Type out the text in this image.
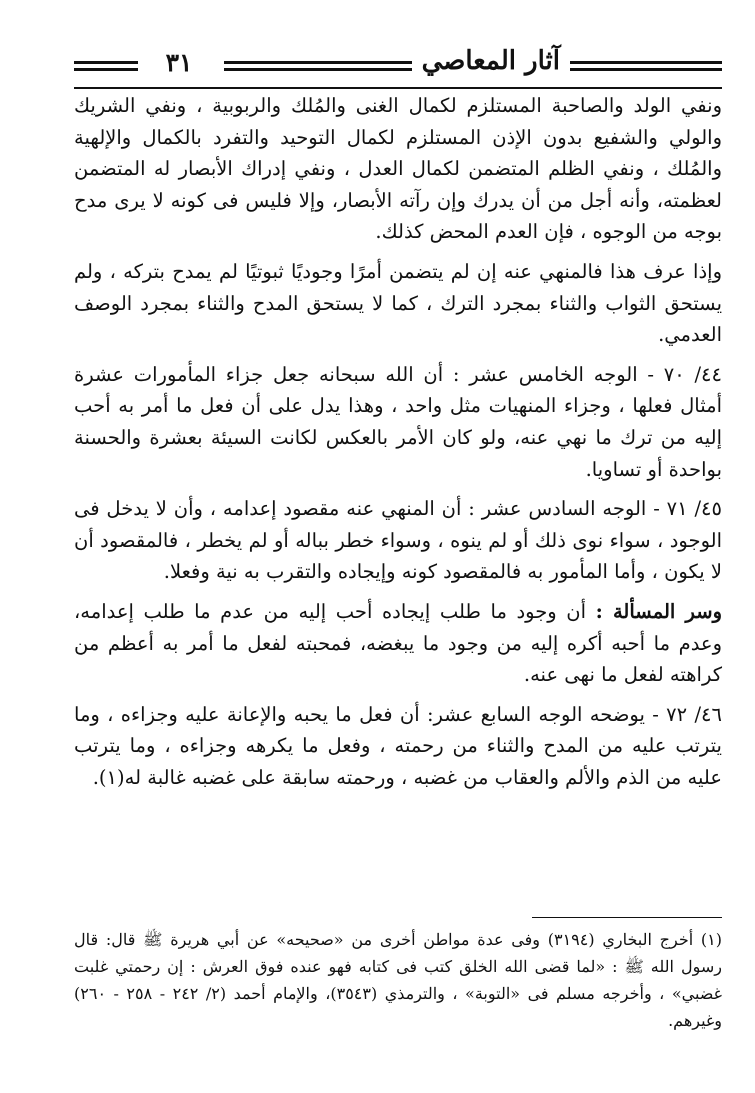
٣١	آثار المعاصي

ونفي الولد والصاحبة المستلزم لكمال الغنى والمُلك والربوبية ، ونفي الشريك والولي والشفيع بدون الإذن المستلزم لكمال التوحيد والتفرد بالكمال والإلهية والمُلك ، ونفي الظلم المتضمن لكمال العدل ، ونفي إدراك الأبصار له المتضمن لعظمته، وأنه أجل من أن يدرك وإن رآته الأبصار، وإلا فليس فى كونه لا يرى مدح بوجه من الوجوه ، فإن العدم المحض كذلك.

وإذا عرف هذا فالمنهي عنه إن لم يتضمن أمرًا وجوديًا ثبوتيًا لم يمدح بتركه ، ولم يستحق الثواب والثناء بمجرد الترك ، كما لا يستحق المدح والثناء بمجرد الوصف العدمي.

٤٤/ ٧٠ - الوجه الخامس عشر : أن الله سبحانه جعل جزاء المأمورات عشرة أمثال فعلها ، وجزاء المنهيات مثل واحد ، وهذا يدل على أن فعل ما أمر به أحب إليه من ترك ما نهي عنه، ولو كان الأمر بالعكس لكانت السيئة بعشرة والحسنة بواحدة أو تساويا.

٤٥/ ٧١ - الوجه السادس عشر : أن المنهي عنه مقصود إعدامه ، وأن لا يدخل فى الوجود ، سواء نوى ذلك أو لم ينوه ، وسواء خطر بباله أو لم يخطر ، فالمقصود أن لا يكون ، وأما المأمور به فالمقصود كونه وإيجاده والتقرب به نية وفعلا.

وسر المسألة : أن وجود ما طلب إيجاده أحب إليه من عدم ما طلب إعدامه، وعدم ما أحبه أكره إليه من وجود ما يبغضه، فمحبته لفعل ما أمر به أعظم من كراهته لفعل ما نهى عنه.

٤٦/ ٧٢ - يوضحه الوجه السابع عشر: أن فعل ما يحبه والإعانة عليه وجزاءه ، وما يترتب عليه من المدح والثناء من رحمته ، وفعل ما يكرهه وجزاءه ، وما يترتب عليه من الذم والألم والعقاب من غضبه ، ورحمته سابقة على غضبه غالبة له(١).

(١) أخرج البخاري (٣١٩٤) وفى عدة مواطن أخرى من «صحيحه» عن أبي هريرة ﷺ قال: قال رسول الله ﷺ : «لما قضى الله الخلق كتب فى كتابه فهو عنده فوق العرش : إن رحمتي غلبت غضبي» ، وأخرجه مسلم فى «التوبة» ، والترمذي (٣٥٤٣)، والإمام أحمد (٢/ ٢٤٢ - ٢٥٨ - ٢٦٠) وغيرهم.
